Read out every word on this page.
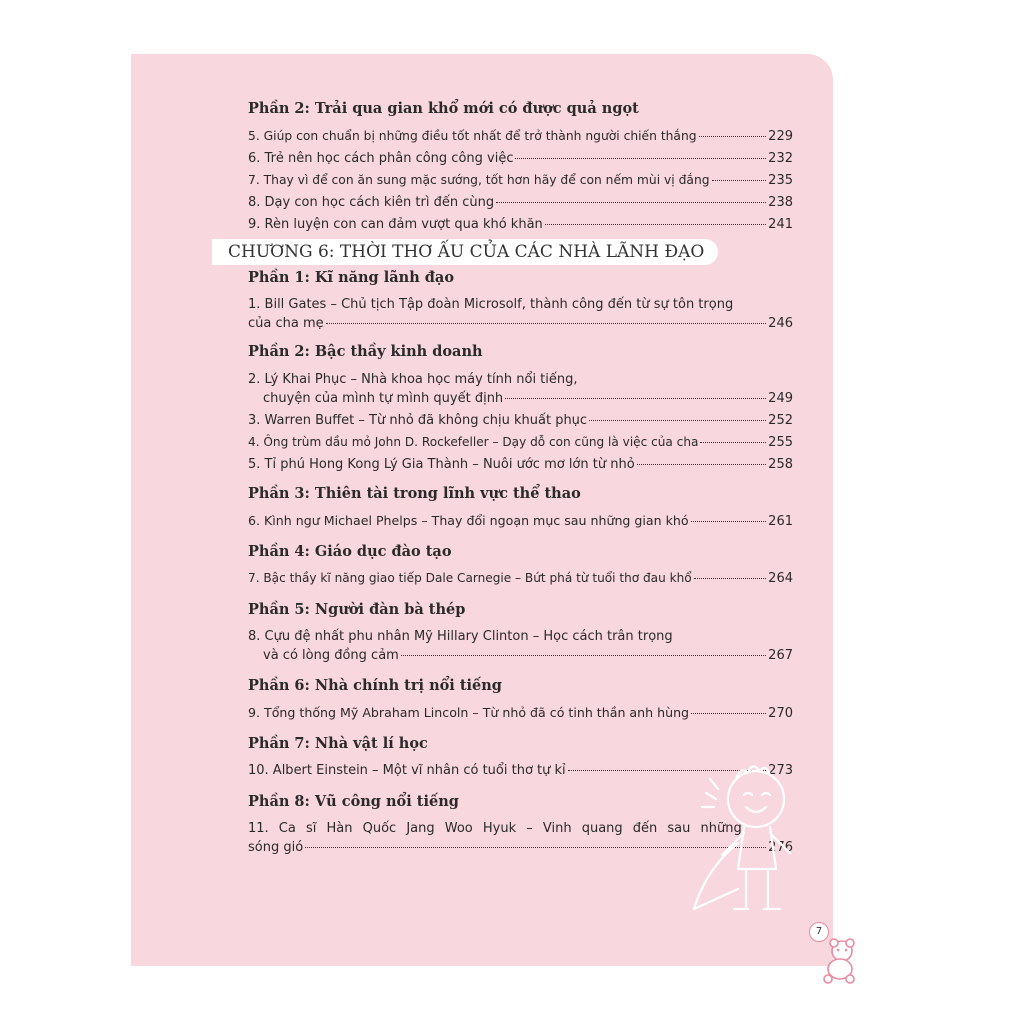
Phần 2: Trải qua gian khổ mới có được quả ngọt
5. Giúp con chuẩn bị những điều tốt nhất để trở thành người chiến thắng	229
6. Trẻ nên học cách phân công công việc	232
7. Thay vì để con ăn sung mặc sướng, tốt hơn hãy để con nếm mùi vị đắng	235
8. Dạy con học cách kiên trì đến cùng	238
9. Rèn luyện con can đảm vượt qua khó khăn	241
CHƯƠNG 6: THỜI THƠ ẤU CỦA CÁC NHÀ LÃNH ĐẠO
Phần 1: Kĩ năng lãnh đạo
1. Bill Gates – Chủ tịch Tập đoàn Microsolf, thành công đến từ sự tôn trọng
của cha mẹ	246
Phần 2: Bậc thầy kinh doanh
2. Lý Khai Phục – Nhà khoa học máy tính nổi tiếng,
chuyện của mình tự mình quyết định	249
3. Warren Buffet – Từ nhỏ đã không chịu khuất phục	252
4. Ông trùm dầu mỏ John D. Rockefeller – Dạy dỗ con cũng là việc của cha	255
5. Tỉ phú Hong Kong Lý Gia Thành – Nuôi ước mơ lớn từ nhỏ	258
Phần 3: Thiên tài trong lĩnh vực thể thao
6. Kình ngư Michael Phelps – Thay đổi ngoạn mục sau những gian khó	261
Phần 4: Giáo dục đào tạo
7. Bậc thầy kĩ năng giao tiếp Dale Carnegie – Bứt phá từ tuổi thơ đau khổ	264
Phần 5: Người đàn bà thép
8. Cựu đệ nhất phu nhân Mỹ Hillary Clinton – Học cách trân trọng
và có lòng đồng cảm	267
Phần 6: Nhà chính trị nổi tiếng
9. Tổng thống Mỹ Abraham Lincoln – Từ nhỏ đã có tinh thần anh hùng	270
Phần 7: Nhà vật lí học
10. Albert Einstein – Một vĩ nhân có tuổi thơ tự kỉ	273
Phần 8: Vũ công nổi tiếng
11. Ca sĩ Hàn Quốc Jang Woo Hyuk – Vinh quang đến sau những
sóng gió	276
7
